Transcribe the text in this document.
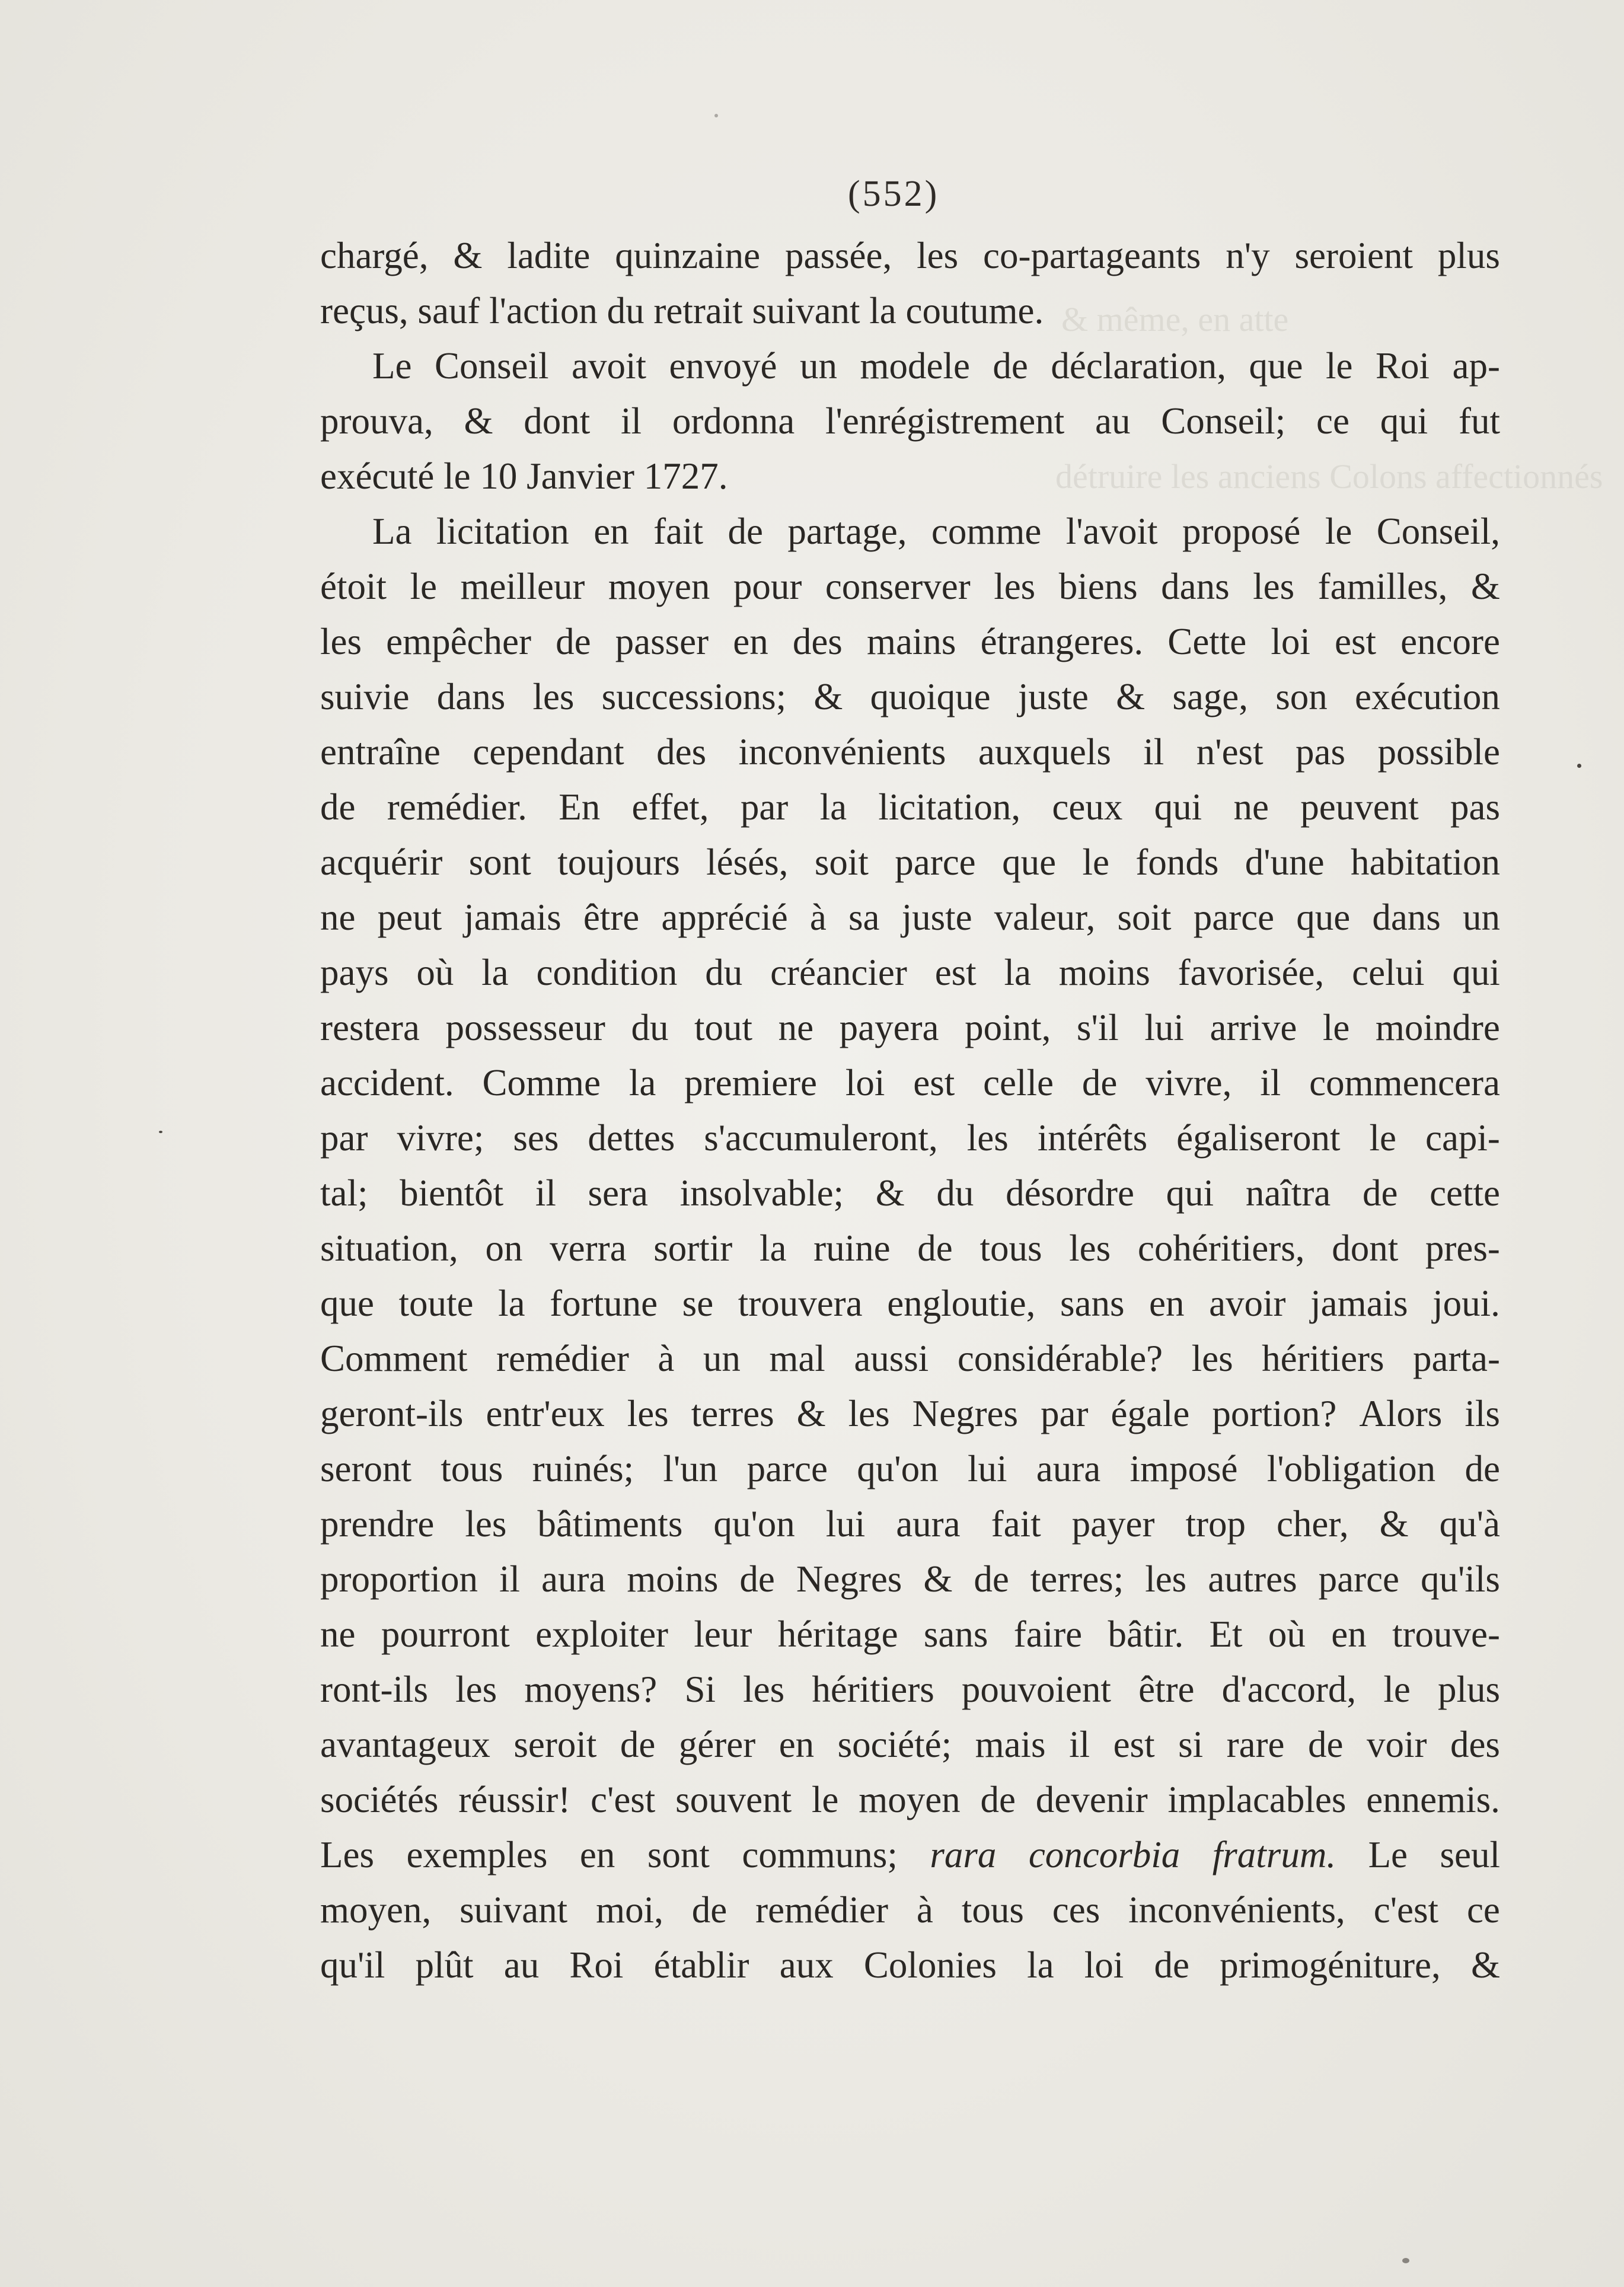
& même, en atte
détruire les anciens Colons affectionnés
(552)
chargé, & ladite quinzaine passée, les co-partageants n'y seroient plus
reçus, sauf l'action du retrait suivant la coutume.
Le Conseil avoit envoyé un modele de déclaration, que le Roi ap-
prouva, & dont il ordonna l'enrégistrement au Conseil; ce qui fut
exécuté le 10 Janvier 1727.
La licitation en fait de partage, comme l'avoit proposé le Conseil,
étoit le meilleur moyen pour conserver les biens dans les familles, &
les empêcher de passer en des mains étrangeres. Cette loi est encore
suivie dans les successions; & quoique juste & sage, son exécution
entraîne cependant des inconvénients auxquels il n'est pas possible
de remédier. En effet, par la licitation, ceux qui ne peuvent pas
acquérir sont toujours lésés, soit parce que le fonds d'une habitation
ne peut jamais être apprécié à sa juste valeur, soit parce que dans un
pays où la condition du créancier est la moins favorisée, celui qui
restera possesseur du tout ne payera point, s'il lui arrive le moindre
accident. Comme la premiere loi est celle de vivre, il commencera
par vivre; ses dettes s'accumuleront, les intérêts égaliseront le capi-
tal; bientôt il sera insolvable; & du désordre qui naîtra de cette
situation, on verra sortir la ruine de tous les cohéritiers, dont pres-
que toute la fortune se trouvera engloutie, sans en avoir jamais joui.
Comment remédier à un mal aussi considérable? les héritiers parta-
geront-ils entr'eux les terres & les Negres par égale portion? Alors ils
seront tous ruinés; l'un parce qu'on lui aura imposé l'obligation de
prendre les bâtiments qu'on lui aura fait payer trop cher, & qu'à
proportion il aura moins de Negres & de terres; les autres parce qu'ils
ne pourront exploiter leur héritage sans faire bâtir. Et où en trouve-
ront-ils les moyens? Si les héritiers pouvoient être d'accord, le plus
avantageux seroit de gérer en société; mais il est si rare de voir des
sociétés réussir! c'est souvent le moyen de devenir implacables ennemis.
Les exemples en sont communs; rara concorbia fratrum. Le seul
moyen, suivant moi, de remédier à tous ces inconvénients, c'est ce
qu'il plût au Roi établir aux Colonies la loi de primogéniture, &
